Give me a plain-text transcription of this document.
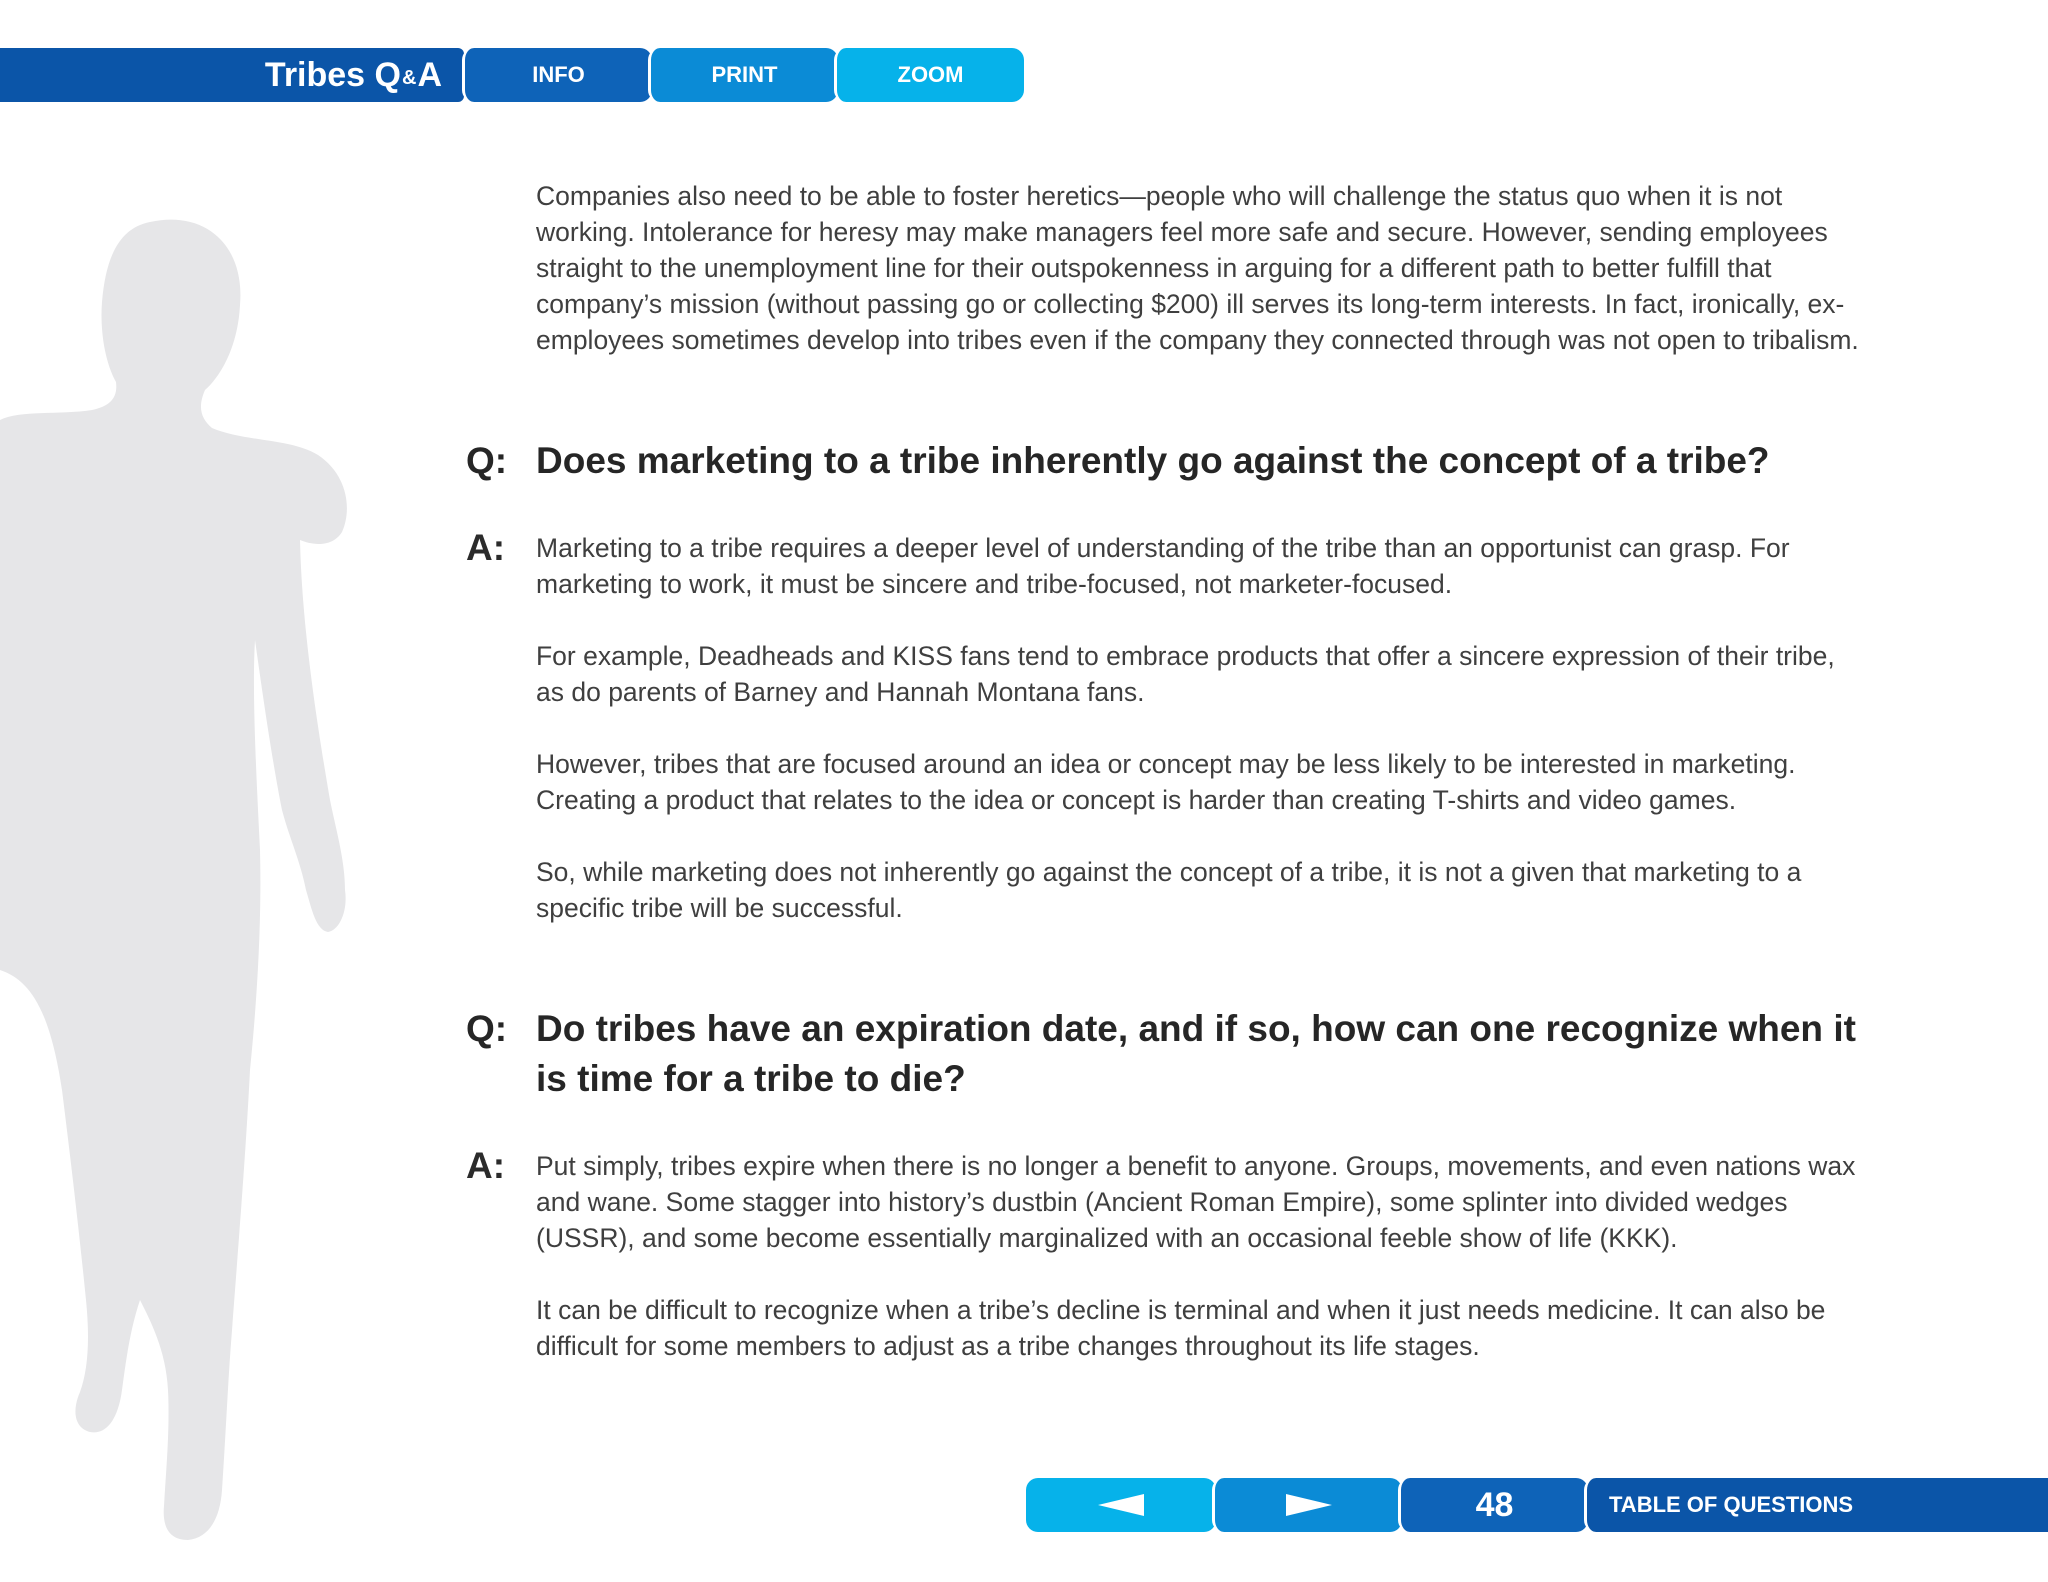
Tribes Q & A	INFO	PRINT	ZOOM

Companies also need to be able to foster heretics—people who will challenge the status quo when it is not working. Intolerance for heresy may make managers feel more safe and secure. However, sending employees straight to the unemployment line for their outspokenness in arguing for a different path to better fulfill that company’s mission (without passing go or collecting $200) ill serves its long-term interests. In fact, ironically, ex-employees sometimes develop into tribes even if the company they connected through was not open to tribalism.

Q: Does marketing to a tribe inherently go against the concept of a tribe?
A:	Marketing to a tribe requires a deeper level of understanding of the tribe than an opportunist can grasp. For marketing to work, it must be sincere and tribe-focused, not marketer-focused.

For example, Deadheads and KISS fans tend to embrace products that offer a sincere expression of their tribe, as do parents of Barney and Hannah Montana fans.

However, tribes that are focused around an idea or concept may be less likely to be interested in marketing. Creating a product that relates to the idea or concept is harder than creating T-shirts and video games.

So, while marketing does not inherently go against the concept of a tribe, it is not a given that marketing to a specific tribe will be successful.

Q: Do tribes have an expiration date, and if so, how can one recognize when it is time for a tribe to die?
A:	Put simply, tribes expire when there is no longer a benefit to anyone. Groups, movements, and even nations wax and wane. Some stagger into history’s dustbin (Ancient Roman Empire), some splinter into divided wedges (USSR), and some become essentially marginalized with an occasional feeble show of life (KKK).

It can be difficult to recognize when a tribe’s decline is terminal and when it just needs medicine. It can also be difficult for some members to adjust as a tribe changes throughout its life stages.

48	TABLE OF QUESTIONS
